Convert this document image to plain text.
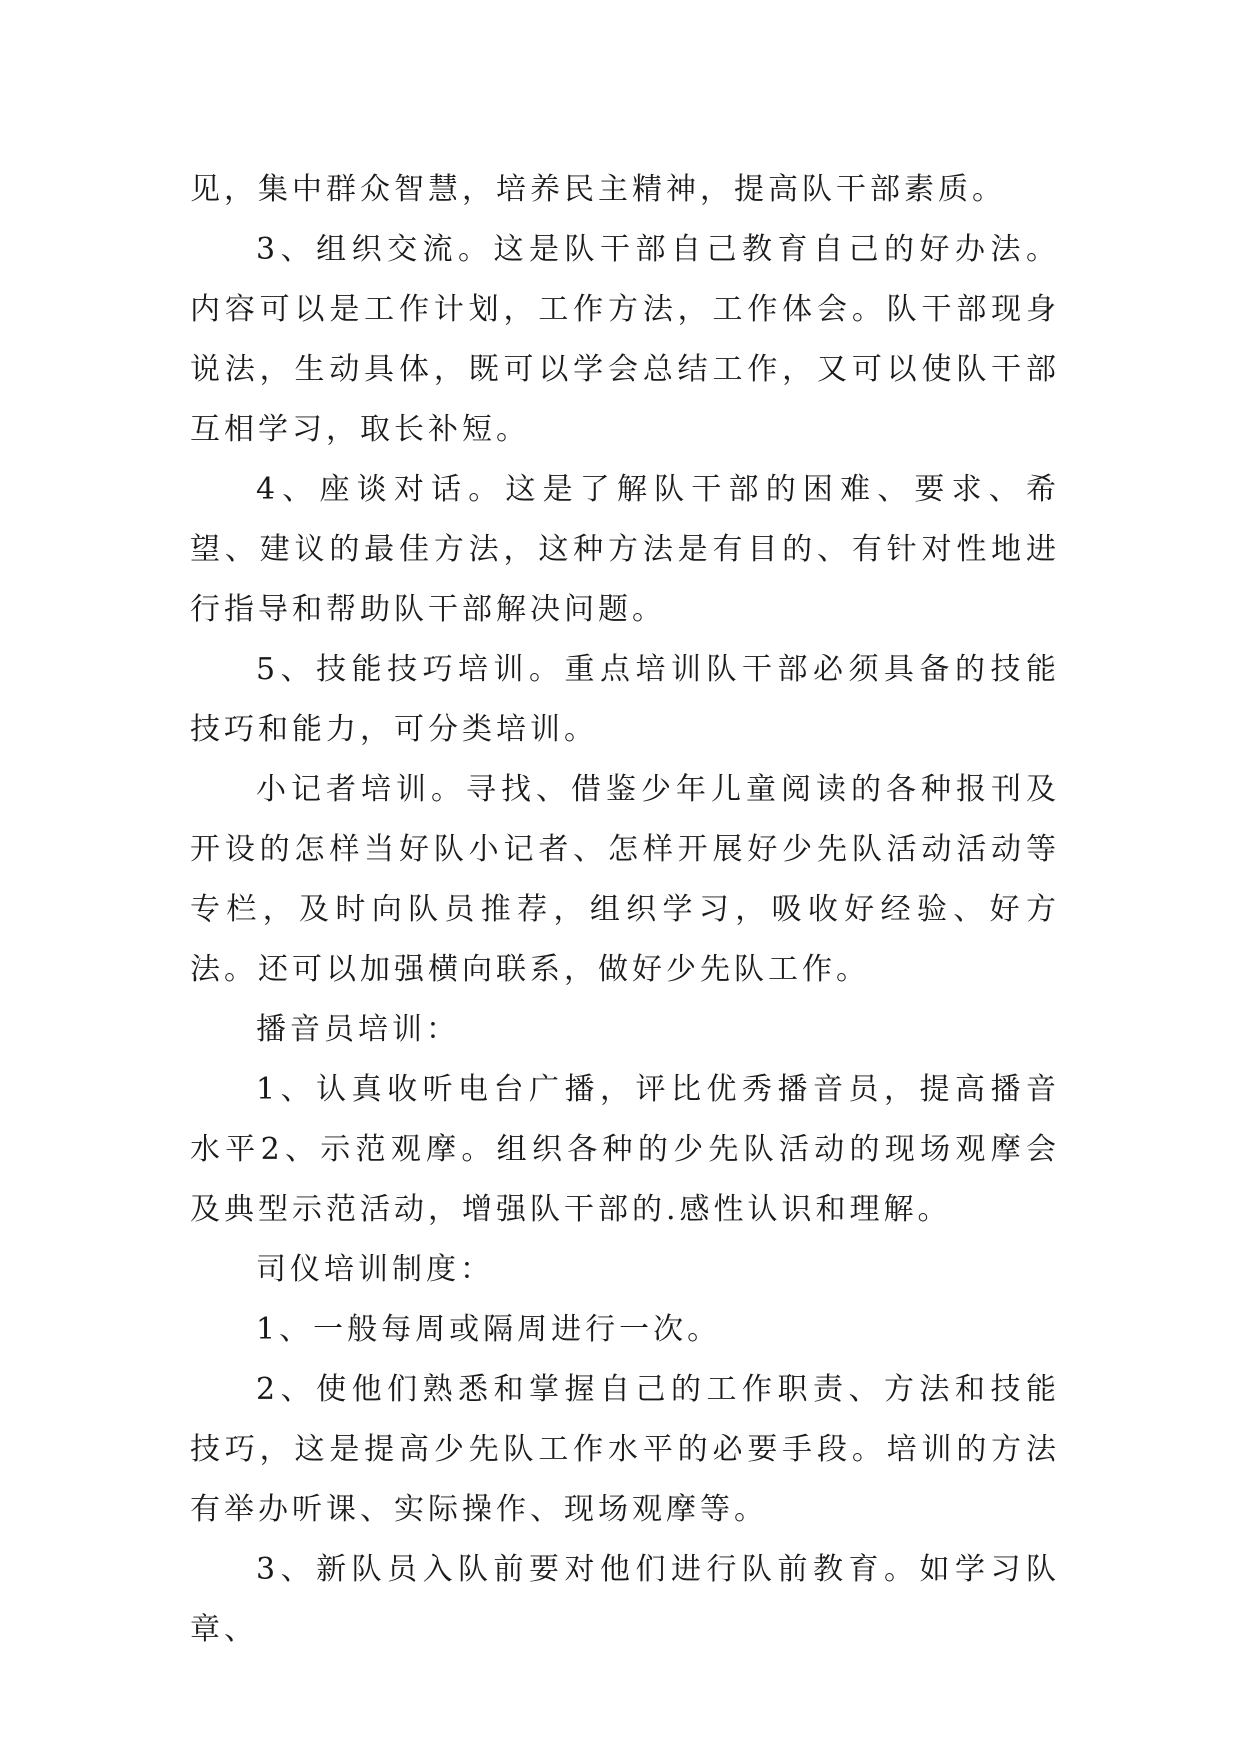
见，集中群众智慧，培养民主精神，提高队干部素质。

3、组织交流。这是队干部自己教育自己的好办法。内容可以是工作计划，工作方法，工作体会。队干部现身说法，生动具体，既可以学会总结工作，又可以使队干部互相学习，取长补短。

4、座谈对话。这是了解队干部的困难、要求、希望、建议的最佳方法，这种方法是有目的、有针对性地进行指导和帮助队干部解决问题。

5、技能技巧培训。重点培训队干部必须具备的技能技巧和能力，可分类培训。

小记者培训。寻找、借鉴少年儿童阅读的各种报刊及开设的怎样当好队小记者、怎样开展好少先队活动活动等专栏，及时向队员推荐，组织学习，吸收好经验、好方法。还可以加强横向联系，做好少先队工作。

播音员培训：

1、认真收听电台广播，评比优秀播音员，提高播音水平2、示范观摩。组织各种的少先队活动的现场观摩会及典型示范活动，增强队干部的.感性认识和理解。

司仪培训制度：

1、一般每周或隔周进行一次。

2、使他们熟悉和掌握自己的工作职责、方法和技能技巧，这是提高少先队工作水平的必要手段。培训的方法有举办听课、实际操作、现场观摩等。

3、新队员入队前要对他们进行队前教育。如学习队章、
